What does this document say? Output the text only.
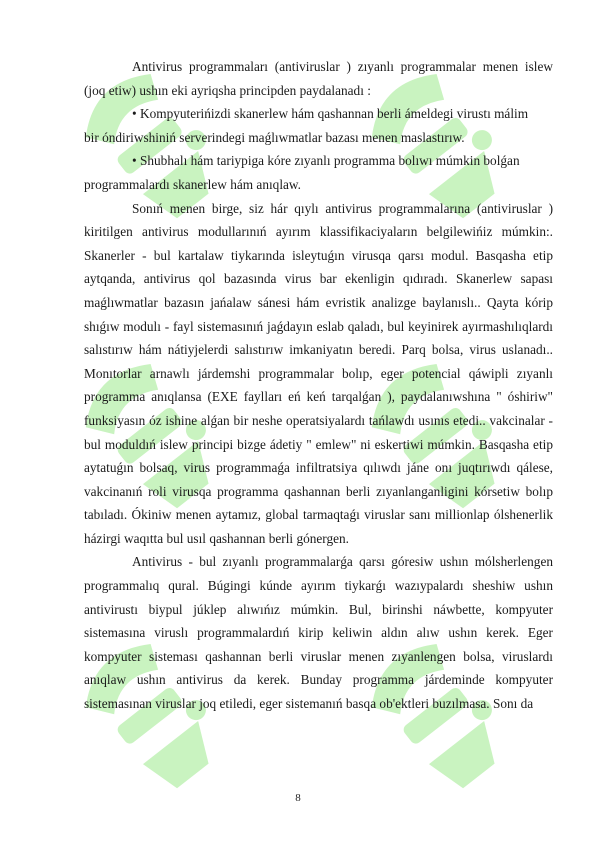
Antivirus programmaları (antiviruslar ) zıyanlı programmalar menen islew (joq etiw) ushın eki ayriqsha principden paydalanadı :

• Kompyuterińizdi skanerlew hám qashannan berli ámeldegi virustı málim
bir óndiriwshiniń serverindegi maǵlıwmatlar bazası menen maslastırıw.

• Shubhalı hám tariypiga kóre zıyanlı programma bolıwı múmkin bolǵan
programmalardı skanerlew hám anıqlaw.

Sonıń menen birge, siz hár qıylı antivirus programmalarına (antiviruslar ) kiritilgen antivirus modullarınıń ayırım klassifikaciyaların belgilewińiz múmkin:. Skanerler - bul kartalaw tiykarında isleytuǵın virusqa qarsı modul. Basqasha etip aytqanda, antivirus qol bazasında virus bar ekenligin qıdıradı. Skanerlew sapası maǵlıwmatlar bazasın jańalaw sánesi hám evristik analizge baylanıslı.. Qayta kórip shıǵıw modulı - fayl sistemasınıń jaǵdayın eslab qaladı, bul keyinirek ayırmashılıqlardı salıstırıw hám nátiyjelerdi salıstırıw imkaniyatın beredi. Parq bolsa, virus uslanadı.. Monıtorlar arnawlı járdemshi programmalar bolıp, eger potencial qáwipli zıyanlı programma anıqlansa (EXE faylları eń keń tarqalǵan ), paydalanıwshına " óshiriw" funksiyasın óz ishine alǵan bir neshe operatsiyalardı tańlawdı usınıs etedi.. vakcinalar - bul moduldıń islew principi bizge ádetiy " emlew" ni eskertiwi múmkin. Basqasha etip aytatuǵın bolsaq, virus programmaǵa infiltratsiya qılıwdı jáne onı juqtırıwdı qálese, vakcinanıń roli virusqa programma qashannan berli zıyanlanganligini kórsetiw bolıp tabıladı. Ókiniw menen aytamız, global tarmaqtaǵı viruslar sanı millionlap ólshenerlik házirgi waqıtta bul usıl qashannan berli gónergen.

Antivirus - bul zıyanlı programmalarǵa qarsı góresiw ushın mólsherlengen programmalıq qural. Búgingi kúnde ayırım tiykarǵı wazıypalardı sheshiw ushın antivirustı biypul júklep alıwıńız múmkin. Bul, birinshi náwbette, kompyuter sistemasına viruslı programmalardıń kirip keliwin aldın alıw ushın kerek. Eger kompyuter sisteması qashannan berli viruslar menen zıyanlengen bolsa, viruslardı anıqlaw ushın antivirus da kerek. Bunday programma járdeminde kompyuter sistemasınan viruslar joq etiledi, eger sistemanıń basqa ob'ektleri buzılmasa. Sonı da

8
